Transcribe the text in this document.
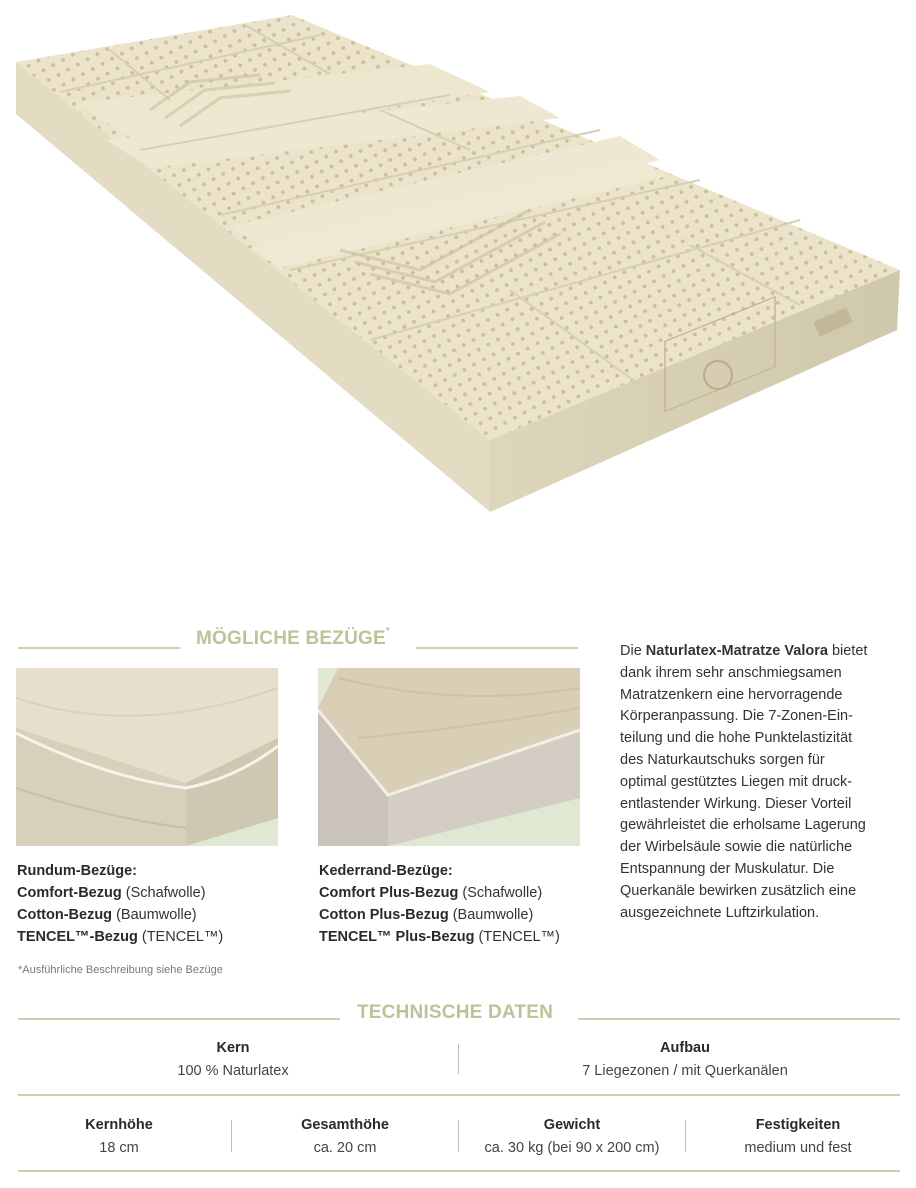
MÖGLICHE BEZÜGE*
Rundum-Bezüge:
Comfort-Bezug (Schafwolle)
Cotton-Bezug (Baumwolle)
TENCEL™-Bezug (TENCEL™)
Kederrand-Bezüge:
Comfort Plus-Bezug (Schafwolle)
Cotton Plus-Bezug (Baumwolle)
TENCEL™ Plus-Bezug (TENCEL™)
*Ausführliche Beschreibung siehe Bezüge
Die Naturlatex-Matratze Valora bietet
dank ihrem sehr anschmiegsamen
Matratzenkern eine hervorragende
Körperanpassung. Die 7-Zonen-Ein-
teilung und die hohe Punktelastizität
des Naturkautschuks sorgen für
optimal gestütztes Liegen mit druck-
entlastender Wirkung. Dieser Vorteil
gewährleistet die erholsame Lagerung
der Wirbelsäule sowie die natürliche
Entspannung der Muskulatur. Die
Querkanäle bewirken zusätzlich eine
ausgezeichnete Luftzirkulation.
TECHNISCHE DATEN
Kern
100 % Naturlatex
Aufbau
7 Liegezonen / mit Querkanälen
Kernhöhe
18 cm
Gesamthöhe
ca. 20 cm
Gewicht
ca. 30 kg (bei 90 x 200 cm)
Festigkeiten
medium und fest
